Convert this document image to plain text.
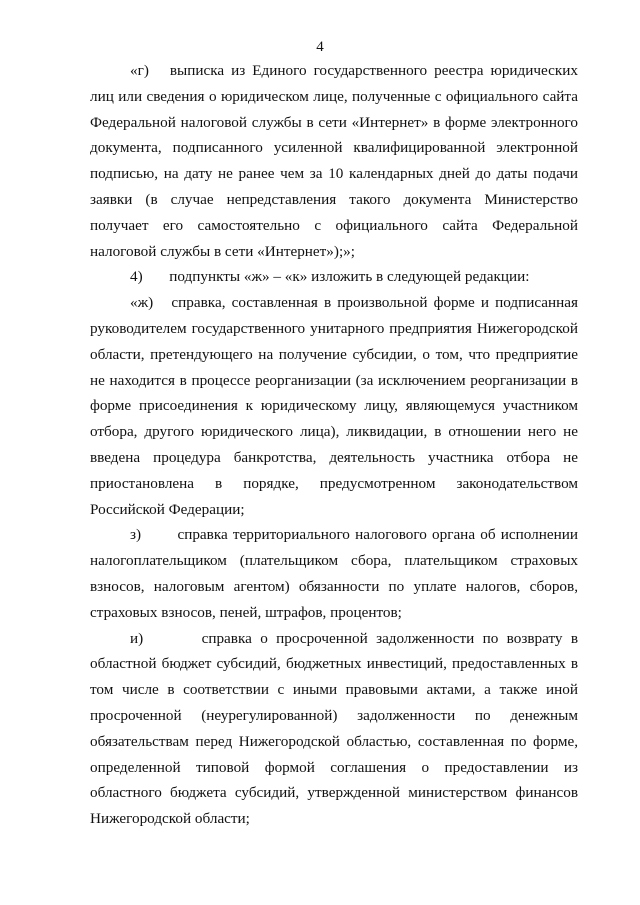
4

«г)   выписка из Единого государственного реестра юридических лиц или сведения о юридическом лице, полученные с официального сайта Федеральной налоговой службы в сети «Интернет» в форме электронного документа, подписанного усиленной квалифицированной электронной подписью, на дату не ранее чем за 10 календарных дней до даты подачи заявки (в случае непредставления такого документа Министерство получает его самостоятельно с официального сайта Федеральной налоговой службы в сети «Интернет»);»;

4)       подпункты «ж» – «к» изложить в следующей редакции:

«ж)   справка, составленная в произвольной форме и подписанная руководителем государственного унитарного предприятия Нижегородской области, претендующего на получение субсидии, о том, что предприятие не находится в процессе реорганизации (за исключением реорганизации в форме присоединения к юридическому лицу, являющемуся участником отбора, другого юридического лица), ликвидации, в отношении него не введена процедура банкротства, деятельность участника отбора не приостановлена в порядке, предусмотренном законодательством Российской Федерации;

з)       справка территориального налогового органа об исполнении налогоплательщиком (плательщиком сбора, плательщиком страховых взносов, налоговым агентом) обязанности по уплате налогов, сборов, страховых взносов, пеней, штрафов, процентов;

и)       справка о просроченной задолженности по возврату в областной бюджет субсидий, бюджетных инвестиций, предоставленных в том числе в соответствии с иными правовыми актами, а также иной просроченной (неурегулированной) задолженности по денежным обязательствам перед Нижегородской областью, составленная по форме, определенной типовой формой соглашения о предоставлении из областного бюджета субсидий, утвержденной министерством финансов Нижегородской области;
